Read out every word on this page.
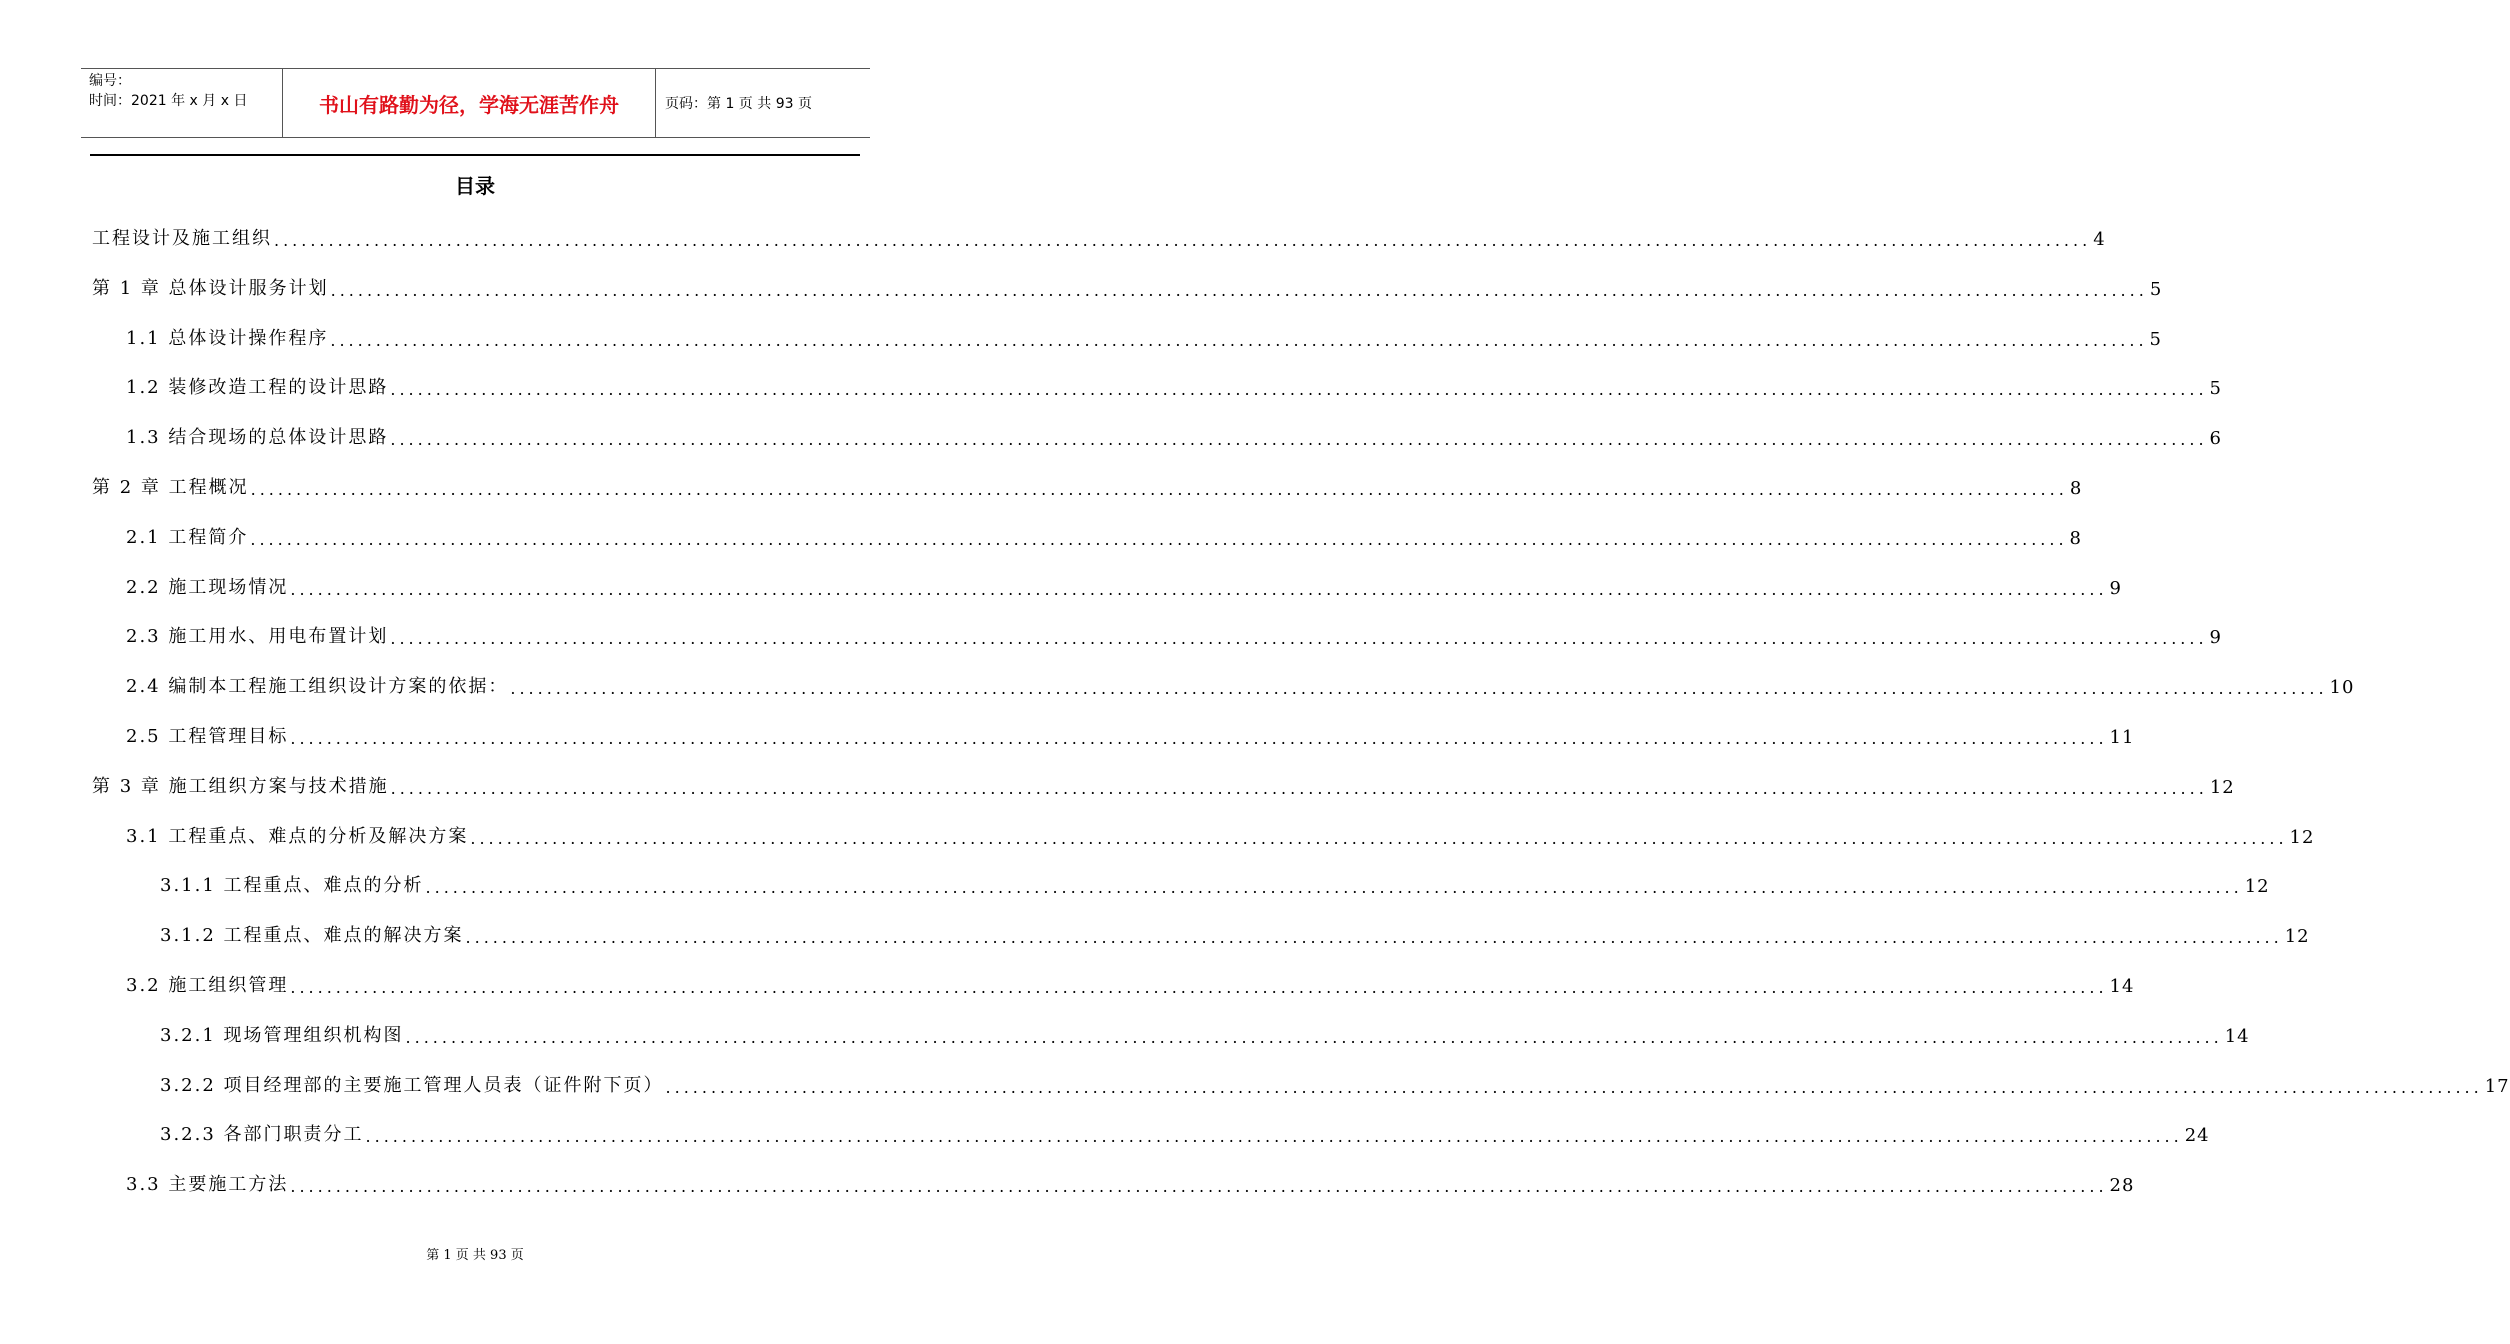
编号：
时间：2021 年 x 月 x 日	书山有路勤为径，学海无涯苦作舟	页码：第 1 页 共 93 页
目录
工程设计及施工组织 ........................................................................................................................................................................................................ 4
第 1 章 总体设计服务计划 ........................................................................................................................................................................................................ 5
1.1 总体设计操作程序 ........................................................................................................................................................................................................ 5
1.2 装修改造工程的设计思路 ........................................................................................................................................................................................................ 5
1.3 结合现场的总体设计思路 ........................................................................................................................................................................................................ 6
第 2 章 工程概况 ........................................................................................................................................................................................................ 8
2.1 工程简介 ........................................................................................................................................................................................................ 8
2.2 施工现场情况 ........................................................................................................................................................................................................ 9
2.3 施工用水、用电布置计划 ........................................................................................................................................................................................................ 9
2.4 编制本工程施工组织设计方案的依据： ........................................................................................................................................................................................................ 10
2.5 工程管理目标 ........................................................................................................................................................................................................ 11
第 3 章 施工组织方案与技术措施 ........................................................................................................................................................................................................ 12
3.1 工程重点、难点的分析及解决方案 ........................................................................................................................................................................................................ 12
3.1.1 工程重点、难点的分析 ........................................................................................................................................................................................................ 12
3.1.2 工程重点、难点的解决方案 ........................................................................................................................................................................................................ 12
3.2 施工组织管理 ........................................................................................................................................................................................................ 14
3.2.1 现场管理组织机构图 ........................................................................................................................................................................................................ 14
3.2.2 项目经理部的主要施工管理人员表（证件附下页） ........................................................................................................................................................................................................ 17
3.2.3 各部门职责分工 ........................................................................................................................................................................................................ 24
3.3 主要施工方法 ........................................................................................................................................................................................................ 28
第 1 页 共 93 页
